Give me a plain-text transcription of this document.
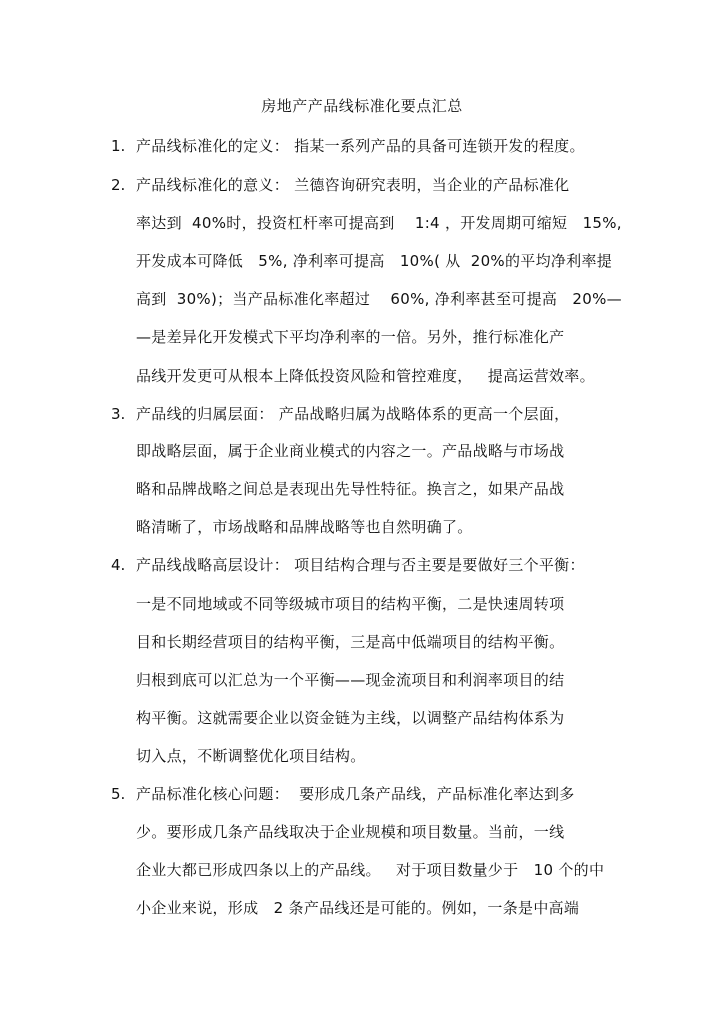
房地产产品线标准化要点汇总
1. 产品线标准化的定义： 指某一系列产品的具备可连锁开发的程度。
2. 产品线标准化的意义： 兰德咨询研究表明，当企业的产品标准化
率达到  40%时，投资杠杆率可提高到    1:4 ，开发周期可缩短   15%,
开发成本可降低   5%, 净利率可提高   10%( 从  20%的平均净利率提
高到  30%)；当产品标准化率超过    60%, 净利率甚至可提高   20%—
—是差异化开发模式下平均净利率的一倍。另外，推行标准化产
品线开发更可从根本上降低投资风险和管控难度，   提高运营效率。
3. 产品线的归属层面： 产品战略归属为战略体系的更高一个层面，
即战略层面，属于企业商业模式的内容之一。产品战略与市场战
略和品牌战略之间总是表现出先导性特征。换言之，如果产品战
略清晰了，市场战略和品牌战略等也自然明确了。
4. 产品线战略高层设计： 项目结构合理与否主要是要做好三个平衡：
一是不同地域或不同等级城市项目的结构平衡，二是快速周转项
目和长期经营项目的结构平衡，三是高中低端项目的结构平衡。
归根到底可以汇总为一个平衡——现金流项目和利润率项目的结
构平衡。这就需要企业以资金链为主线，以调整产品结构体系为
切入点，不断调整优化项目结构。
5. 产品标准化核心问题：  要形成几条产品线，产品标准化率达到多
少。要形成几条产品线取决于企业规模和项目数量。当前，一线
企业大都已形成四条以上的产品线。   对于项目数量少于   10 个的中
小企业来说，形成   2 条产品线还是可能的。例如，一条是中高端
